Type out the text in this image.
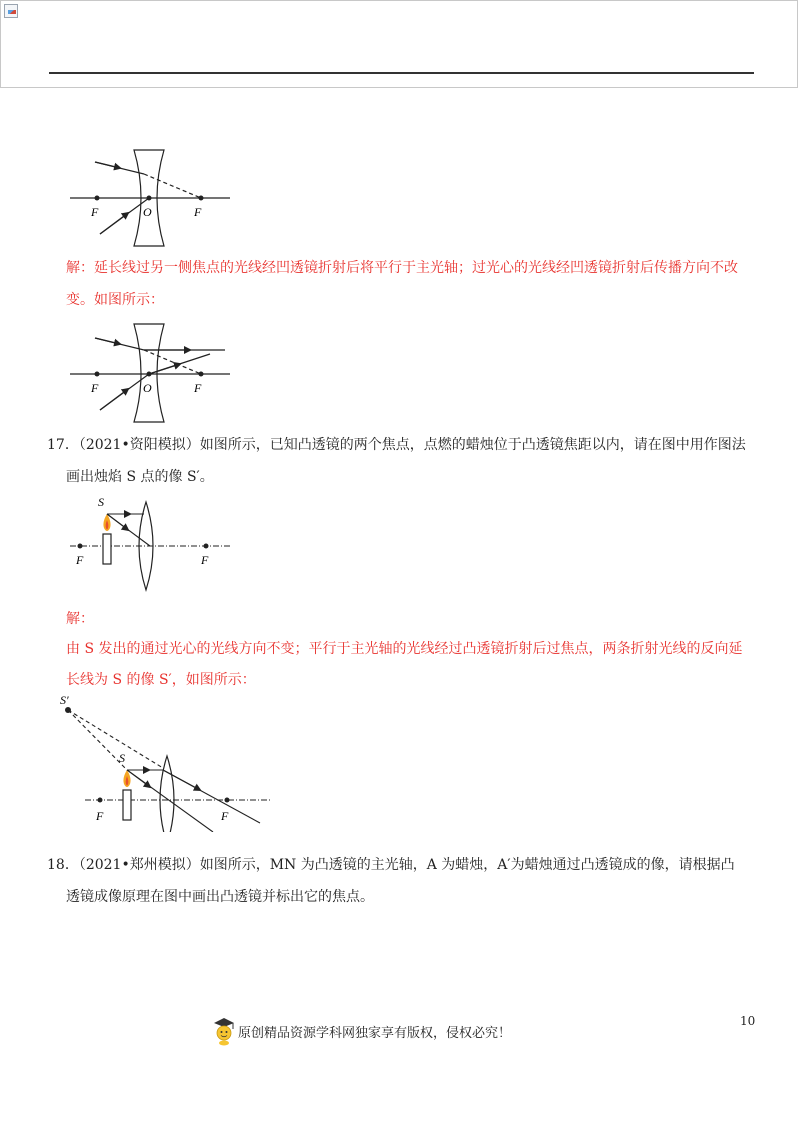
F	O	F

解：延长线过另一侧焦点的光线经凹透镜折射后将平行于主光轴；过光心的光线经凹透镜折射后传播方向不改

变。如图所示：

F	O	F

17．（2021•资阳模拟）如图所示，已知凸透镜的两个焦点，点燃的蜡烛位于凸透镜焦距以内，请在图中用作图法

画出烛焰 S 点的像 S′。

S
F	F

解：

由 S 发出的通过光心的光线方向不变；平行于主光轴的光线经过凸透镜折射后过焦点，两条折射光线的反向延

长线为 S 的像 S′，如图所示：

S′
S
F	F

18．（2021•郑州模拟）如图所示，MN 为凸透镜的主光轴，A 为蜡烛，A′为蜡烛通过凸透镜成的像，请根据凸

透镜成像原理在图中画出凸透镜并标出它的焦点。

10
原创精品资源学科网独家享有版权，侵权必究！
